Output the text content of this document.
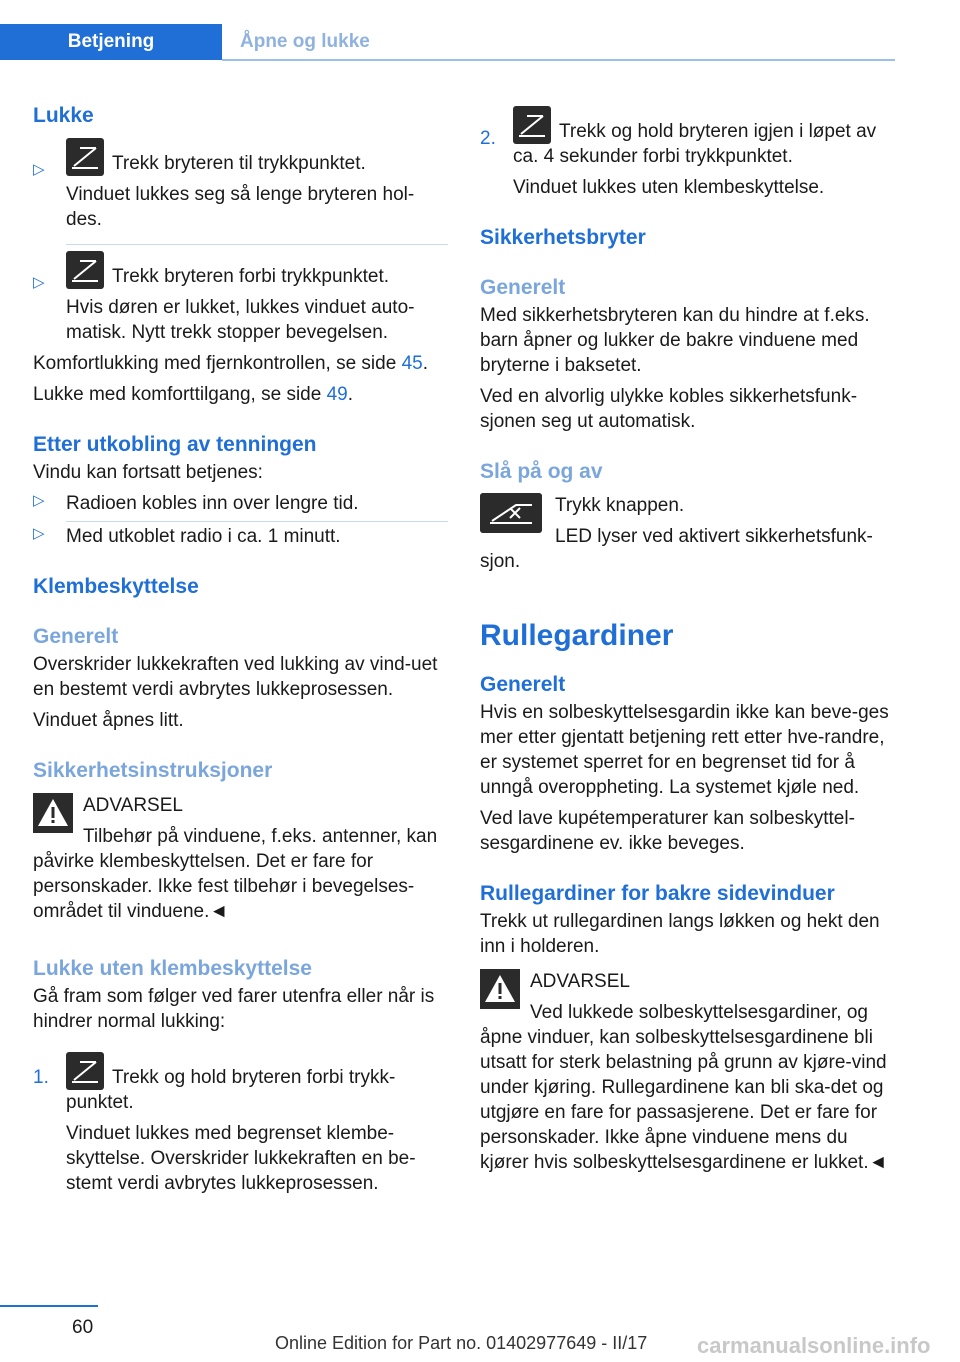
Betjening	Åpne og lukke

Lukke

▷	Trekk bryteren til trykkpunktet.

Vinduet lukkes seg så lenge bryteren hol-des.

▷	Trekk bryteren forbi trykkpunktet.

Hvis døren er lukket, lukkes vinduet auto-matisk. Nytt trekk stopper bevegelsen.

Komfortlukking med fjernkontrollen, se side 45.

Lukke med komforttilgang, se side 49.

Etter utkobling av tenningen

Vindu kan fortsatt betjenes:

▷ Radioen kobles inn over lengre tid.

▷ Med utkoblet radio i ca. 1 minutt.

Klembeskyttelse

Generelt

Overskrider lukkekraften ved lukking av vind-uet en bestemt verdi avbrytes lukkeprosessen.

Vinduet åpnes litt.

Sikkerhetsinstruksjoner

ADVARSEL

Tilbehør på vinduene, f.eks. antenner, kan påvirke klembeskyttelsen. Det er fare for personskader. Ikke fest tilbehør i bevegelses-området til vinduene.◄

Lukke uten klembeskyttelse

Gå fram som følger ved farer utenfra eller når is hindrer normal lukking:

1.	Trekk og hold bryteren forbi trykk-punktet.

Vinduet lukkes med begrenset klembe-skyttelse. Overskrider lukkekraften en be-stemt verdi avbrytes lukkeprosessen.

2.	Trekk og hold bryteren igjen i løpet av ca. 4 sekunder forbi trykkpunktet.

Vinduet lukkes uten klembeskyttelse.

Sikkerhetsbryter

Generelt

Med sikkerhetsbryteren kan du hindre at f.eks. barn åpner og lukker de bakre vinduene med bryterne i baksetet.

Ved en alvorlig ulykke kobles sikkerhetsfunk-sjonen seg ut automatisk.

Slå på og av

Trykk knappen.

LED lyser ved aktivert sikkerhetsfunk-sjon.

Rullegardiner

Generelt

Hvis en solbeskyttelsesgardin ikke kan beve-ges mer etter gjentatt betjening rett etter hve-randre, er systemet sperret for en begrenset tid for å unngå overoppheting. La systemet kjøle ned.

Ved lave kupétemperaturer kan solbeskyttel-sesgardinene ev. ikke beveges.

Rullegardiner for bakre sidevinduer

Trekk ut rullegardinen langs løkken og hekt den inn i holderen.

ADVARSEL

Ved lukkede solbeskyttelsesgardiner, og åpne vinduer, kan solbeskyttelsesgardinene bli utsatt for sterk belastning på grunn av kjøre-vind under kjøring. Rullegardinene kan bli ska-det og utgjøre en fare for passasjerene. Det er fare for personskader. Ikke åpne vinduene mens du kjører hvis solbeskyttelsesgardinene er lukket.◄

60
Online Edition for Part no. 01402977649 - II/17 carmanualsonline.info
